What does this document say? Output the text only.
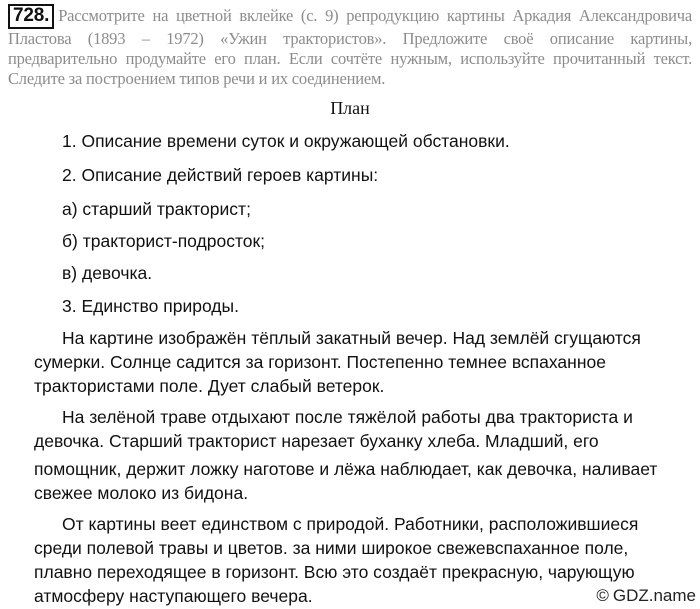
728. Рассмотрите на цветной вклейке (с. 9) репродукцию картины Аркадия Александровича Пластова (1893 – 1972) «Ужин трактористов». Предложите своё описание картины, предварительно продумайте его план. Если сочтёте нужным, используйте прочитанный текст. Следите за построением типов речи и их соединением.
План
1. Описание времени суток и окружающей обстановки.
2. Описание действий героев картины:
а) старший тракторист;
б) тракторист-подросток;
в) девочка.
3. Единство природы.
На картине изображён тёплый закатный вечер. Над землёй сгущаются
сумерки. Солнце садится за горизонт. Постепенно темнее вспаханное
трактористами поле. Дует слабый ветерок.
На зелёной траве отдыхают после тяжёлой работы два тракториста и
девочка. Старший тракторист нарезает буханку хлеба. Младший, его
помощник, держит ложку наготове и лёжа наблюдает, как девочка, наливает
свежее молоко из бидона.
От картины веет единством с природой. Работники, расположившиеся
среди полевой травы и цветов. за ними широкое свежевспаханное поле,
плавно переходящее в горизонт. Всю это создаёт прекрасную, чарующую
атмосферу наступающего вечера.	© GDZ.name
